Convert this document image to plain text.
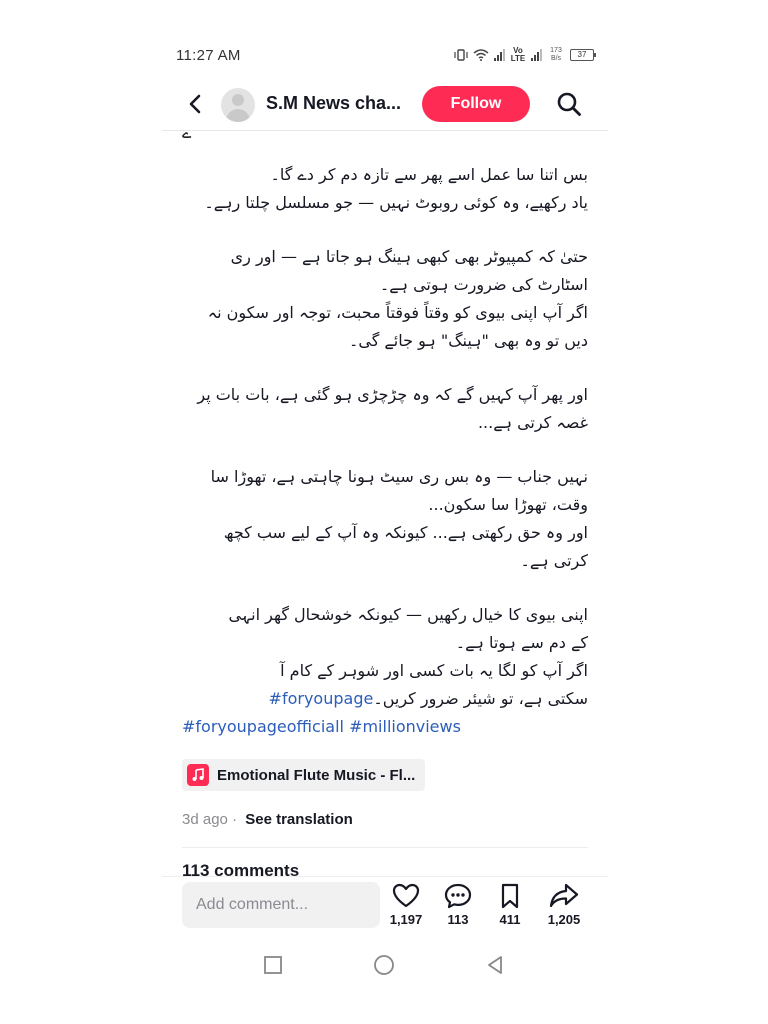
11:27 AM	Vo LTE
173 B/s	37
S.M News cha...	Follow
ے

بس اتنا سا عمل اسے پھر سے تازہ دم کر دے گا۔
یاد رکھیے، وہ کوئی روبوٹ نہیں — جو مسلسل چلتا رہے۔

حتیٰ کہ کمپیوٹر بھی کبھی ہینگ ہو جاتا ہے — اور ری
اسٹارٹ کی ضرورت ہوتی ہے۔
اگر آپ اپنی بیوی کو وقتاً فوقتاً محبت، توجہ اور سکون نہ
دیں تو وہ بھی "ہینگ" ہو جائے گی۔

اور پھر آپ کہیں گے کہ وہ چڑچڑی ہو گئی ہے، بات بات پر
غصہ کرتی ہے...

نہیں جناب — وہ بس ری سیٹ ہونا چاہتی ہے، تھوڑا سا
وقت، تھوڑا سا سکون...
اور وہ حق رکھتی ہے... کیونکہ وہ آپ کے لیے سب کچھ
کرتی ہے۔

اپنی بیوی کا خیال رکھیں — کیونکہ خوشحال گھر انہی
کے دم سے ہوتا ہے۔
اگر آپ کو لگا یہ بات کسی اور شوہر کے کام آ
سکتی ہے، تو شیئر ضرور کریں۔#foryoupage
#foryoupageofficiall #millionviews

Emotional Flute Music - Fl...
3d ago · See translation
113 comments
Add comment...
1,197	113	411	1,205
